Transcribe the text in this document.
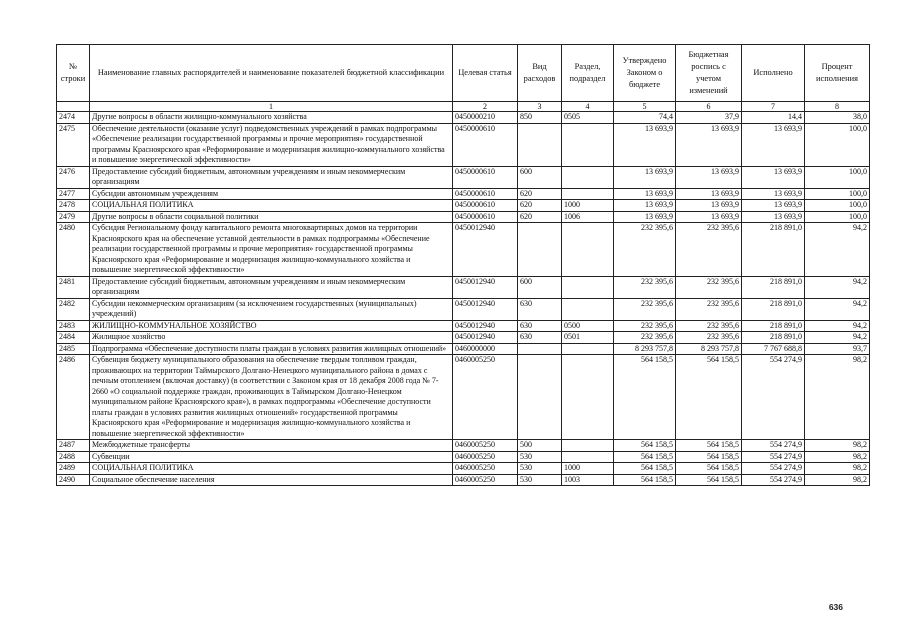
№ строки	Наименование главных распорядителей и наименование показателей бюджетной классификации	Целевая статья	Вид расходов	Раздел, подраздел	Утверждено Законом о бюджете	Бюджетная роспись с учетом изменений	Исполнено	Процент исполнения
	1	2	3	4	5	6	7	8
2474	Другие вопросы в области жилищно-коммунального хозяйства	0450000210	850	0505	74,4	37,9	14,4	38,0
2475	Обеспечение деятельности (оказание услуг) подведомственных учреждений в рамках подпрограммы «Обеспечение реализации государственной программы и прочие мероприятия» государственной программы Красноярского края «Реформирование и модернизация жилищно-коммунального хозяйства и повышение энергетической эффективности»	0450000610			13 693,9	13 693,9	13 693,9	100,0
2476	Предоставление субсидий бюджетным, автономным учреждениям и иным некоммерческим организациям	0450000610	600		13 693,9	13 693,9	13 693,9	100,0
2477	Субсидии автономным учреждениям	0450000610	620		13 693,9	13 693,9	13 693,9	100,0
2478	СОЦИАЛЬНАЯ ПОЛИТИКА	0450000610	620	1000	13 693,9	13 693,9	13 693,9	100,0
2479	Другие вопросы в области социальной политики	0450000610	620	1006	13 693,9	13 693,9	13 693,9	100,0
2480	Субсидия Региональному фонду капитального ремонта многоквартирных домов на территории Красноярского края на обеспечение уставной деятельности в рамках подпрограммы «Обеспечение реализации государственной программы и прочие мероприятия» государственной программы Красноярского края «Реформирование и модернизация жилищно-коммунального хозяйства и повышение энергетической эффективности»	0450012940			232 395,6	232 395,6	218 891,0	94,2
2481	Предоставление субсидий бюджетным, автономным учреждениям и иным некоммерческим организациям	0450012940	600		232 395,6	232 395,6	218 891,0	94,2
2482	Субсидии некоммерческим организациям (за исключением государственных (муниципальных) учреждений)	0450012940	630		232 395,6	232 395,6	218 891,0	94,2
2483	ЖИЛИЩНО-КОММУНАЛЬНОЕ ХОЗЯЙСТВО	0450012940	630	0500	232 395,6	232 395,6	218 891,0	94,2
2484	Жилищное хозяйство	0450012940	630	0501	232 395,6	232 395,6	218 891,0	94,2
2485	Подпрограмма «Обеспечение доступности платы граждан в условиях развития жилищных отношений»	0460000000			8 293 757,8	8 293 757,8	7 767 688,8	93,7
2486	Субвенция бюджету муниципального образования на обеспечение твердым топливом граждан, проживающих на территории Таймырского Долгано-Ненецкого муниципального района в домах с печным отоплением (включая доставку) (в соответствии с Законом края от 18 декабря 2008 года № 7-2660 «О социальной поддержке граждан, проживающих в Таймырском Долгано-Ненецком муниципальном районе Красноярского края»), в рамках подпрограммы «Обеспечение доступности платы граждан в условиях развития жилищных отношений» государственной программы Красноярского края «Реформирование и модернизация жилищно-коммунального хозяйства и повышение энергетической эффективности»	0460005250			564 158,5	564 158,5	554 274,9	98,2
2487	Межбюджетные трансферты	0460005250	500		564 158,5	564 158,5	554 274,9	98,2
2488	Субвенции	0460005250	530		564 158,5	564 158,5	554 274,9	98,2
2489	СОЦИАЛЬНАЯ ПОЛИТИКА	0460005250	530	1000	564 158,5	564 158,5	554 274,9	98,2
2490	Социальное обеспечение населения	0460005250	530	1003	564 158,5	564 158,5	554 274,9	98,2
636
